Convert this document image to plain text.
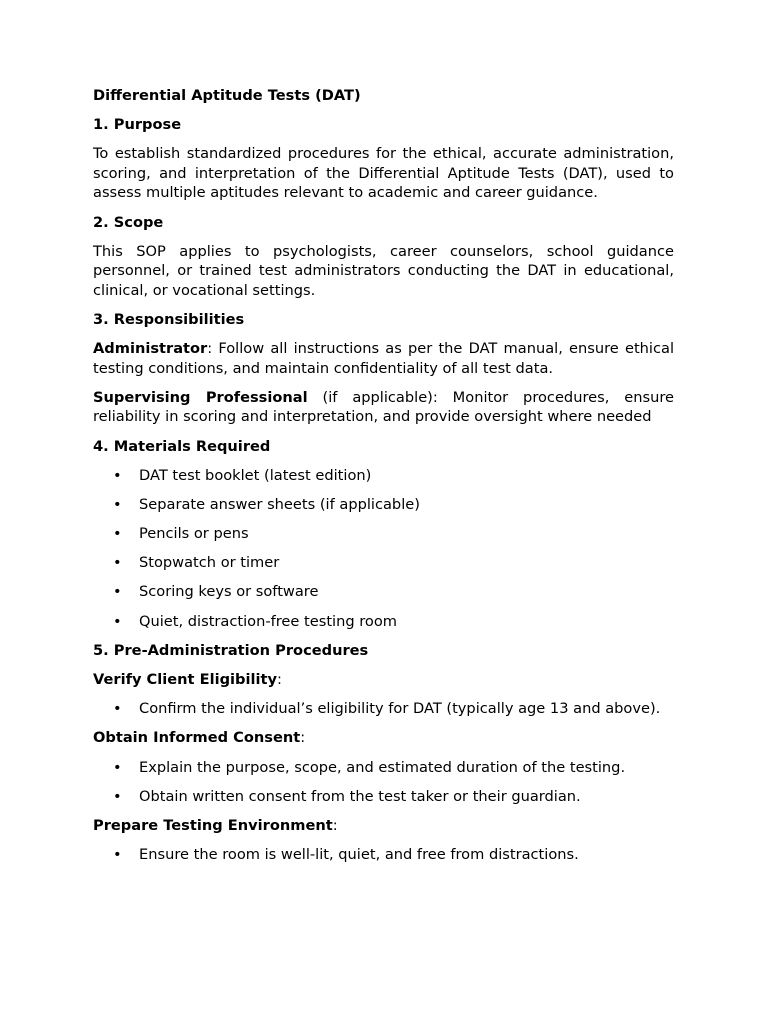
Differential Aptitude Tests (DAT)

1. Purpose

To establish standardized procedures for the ethical, accurate administration, scoring, and interpretation of the Differential Aptitude Tests (DAT), used to assess multiple aptitudes relevant to academic and career guidance.

2. Scope

This SOP applies to psychologists, career counselors, school guidance personnel, or trained test administrators conducting the DAT in educational, clinical, or vocational settings.

3. Responsibilities

Administrator: Follow all instructions as per the DAT manual, ensure ethical testing conditions, and maintain confidentiality of all test data.

Supervising Professional (if applicable): Monitor procedures, ensure reliability in scoring and interpretation, and provide oversight where needed

4. Materials Required

• DAT test booklet (latest edition)
• Separate answer sheets (if applicable)
• Pencils or pens
• Stopwatch or timer
• Scoring keys or software
• Quiet, distraction-free testing room

5. Pre-Administration Procedures

Verify Client Eligibility:

• Confirm the individual’s eligibility for DAT (typically age 13 and above).

Obtain Informed Consent:

• Explain the purpose, scope, and estimated duration of the testing.
• Obtain written consent from the test taker or their guardian.

Prepare Testing Environment:

• Ensure the room is well-lit, quiet, and free from distractions.
